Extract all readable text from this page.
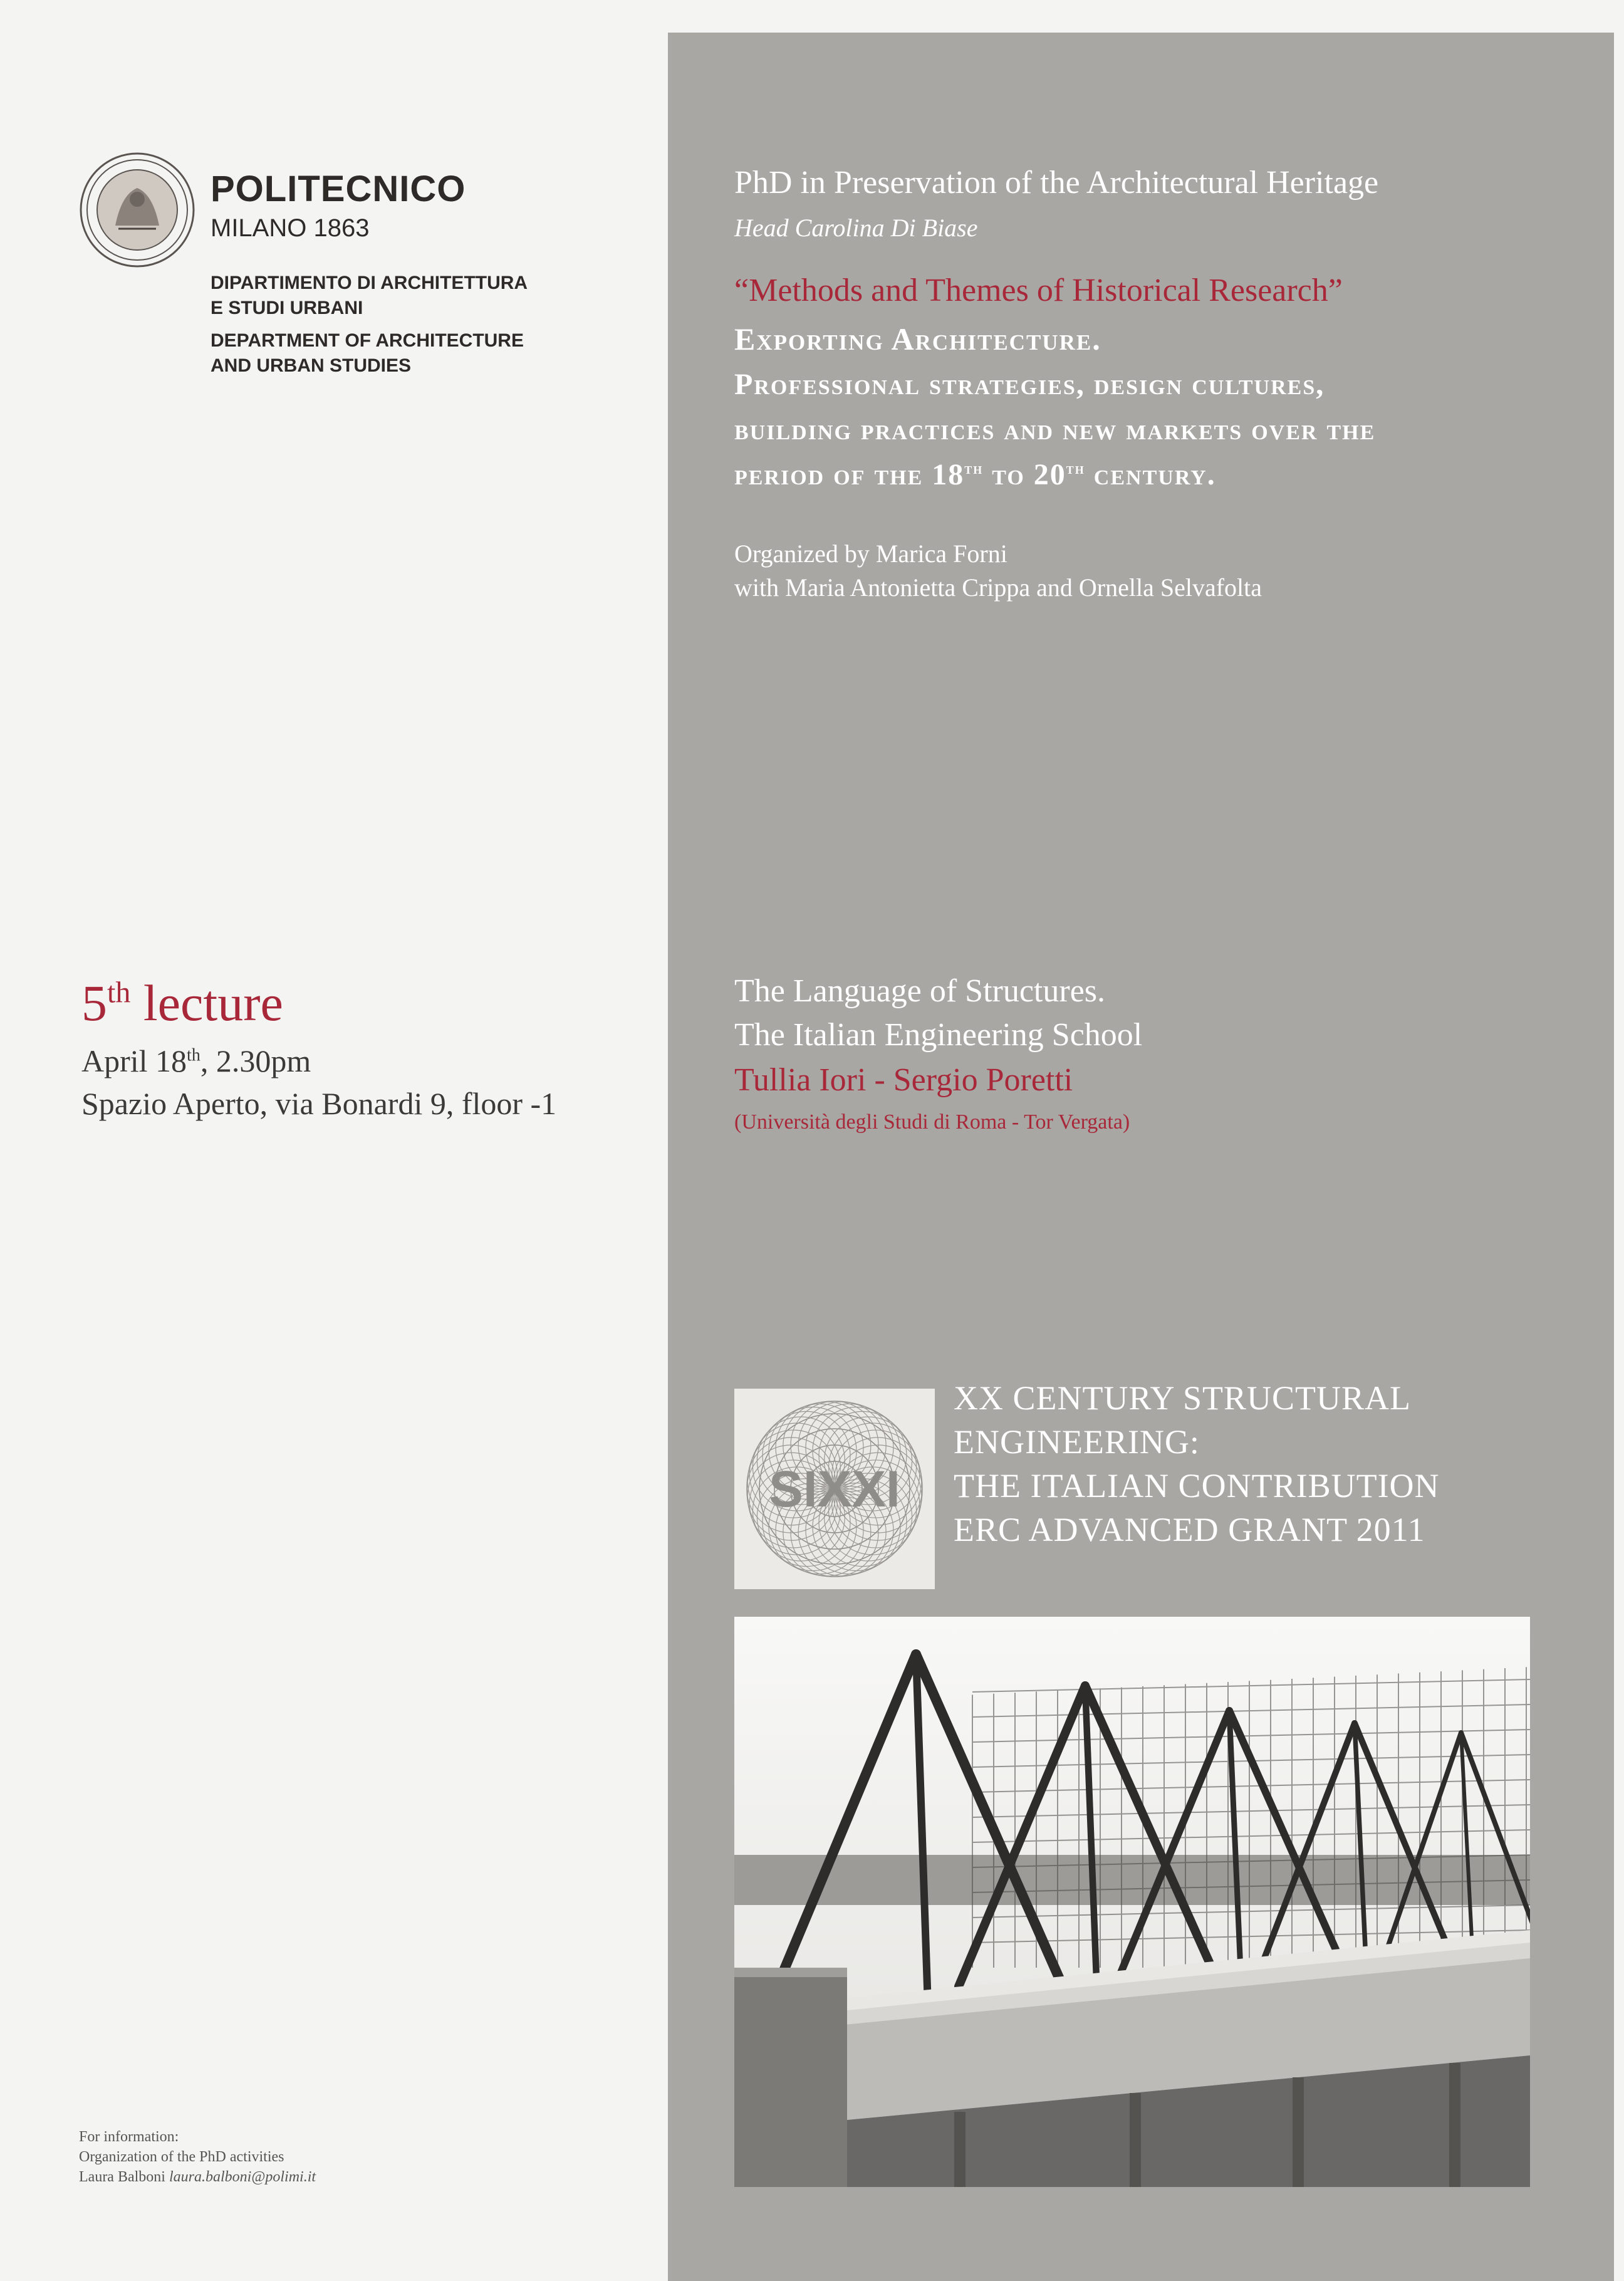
POLITECNICO
MILANO 1863
DIPARTIMENTO DI ARCHITETTURA
E STUDI URBANI
DEPARTMENT OF ARCHITECTURE
AND URBAN STUDIES
5th lecture
April 18th, 2.30pm
Spazio Aperto, via Bonardi 9, floor -1
For information:
Organization of the PhD activities
Laura Balboni laura.balboni@polimi.it
PhD in Preservation of the Architectural Heritage
Head Carolina Di Biase
“Methods and Themes of Historical Research”
Exporting Architecture.
Professional strategies, design cultures,
building practices and new markets over the
period of the 18th to 20th century.
Organized by Marica Forni
with Maria Antonietta Crippa and Ornella Selvafolta
The Language of Structures.
The Italian Engineering School
Tullia Iori - Sergio Poretti
(Università degli Studi di Roma - Tor Vergata)
SIXXI
XX CENTURY STRUCTURAL
ENGINEERING:
THE ITALIAN CONTRIBUTION
ERC ADVANCED GRANT 2011
